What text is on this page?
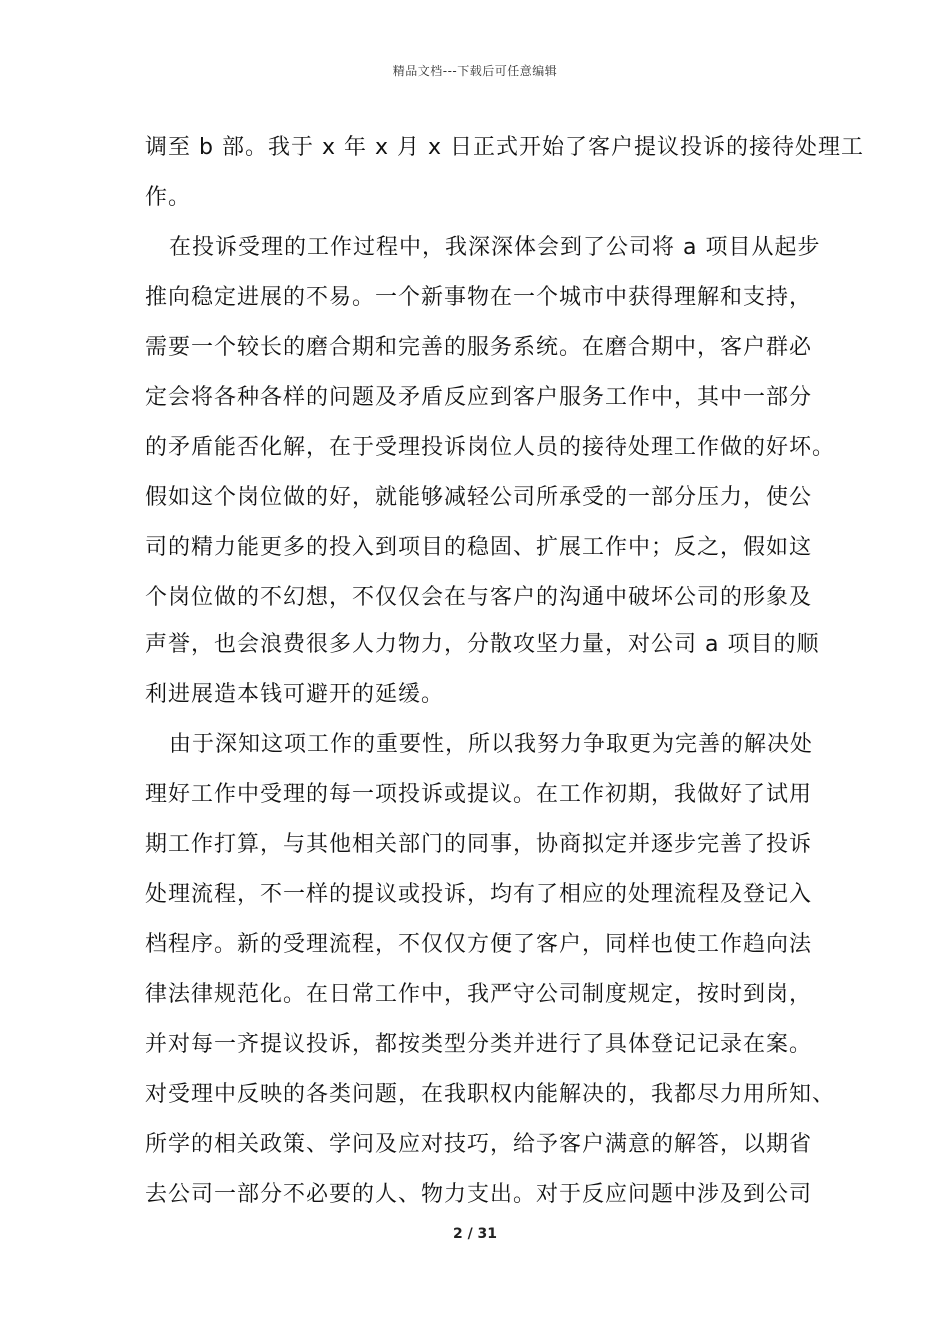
精品文档---下载后可任意编辑
调至 b 部。我于 x 年 x 月 x 日正式开始了客户提议投诉的接待处理工
作。
在投诉受理的工作过程中，我深深体会到了公司将 a 项目从起步
推向稳定进展的不易。一个新事物在一个城市中获得理解和支持，
需要一个较长的磨合期和完善的服务系统。在磨合期中，客户群必
定会将各种各样的问题及矛盾反应到客户服务工作中，其中一部分
的矛盾能否化解，在于受理投诉岗位人员的接待处理工作做的好坏。
假如这个岗位做的好，就能够减轻公司所承受的一部分压力，使公
司的精力能更多的投入到项目的稳固、扩展工作中；反之，假如这
个岗位做的不幻想，不仅仅会在与客户的沟通中破坏公司的形象及
声誉，也会浪费很多人力物力，分散攻坚力量，对公司 a 项目的顺
利进展造本钱可避开的延缓。
由于深知这项工作的重要性，所以我努力争取更为完善的解决处
理好工作中受理的每一项投诉或提议。在工作初期，我做好了试用
期工作打算，与其他相关部门的同事，协商拟定并逐步完善了投诉
处理流程，不一样的提议或投诉，均有了相应的处理流程及登记入
档程序。新的受理流程，不仅仅方便了客户，同样也使工作趋向法
律法律规范化。在日常工作中，我严守公司制度规定，按时到岗，
并对每一齐提议投诉，都按类型分类并进行了具体登记记录在案。
对受理中反映的各类问题，在我职权内能解决的，我都尽力用所知、
所学的相关政策、学问及应对技巧，给予客户满意的解答，以期省
去公司一部分不必要的人、物力支出。对于反应问题中涉及到公司
2 / 31
